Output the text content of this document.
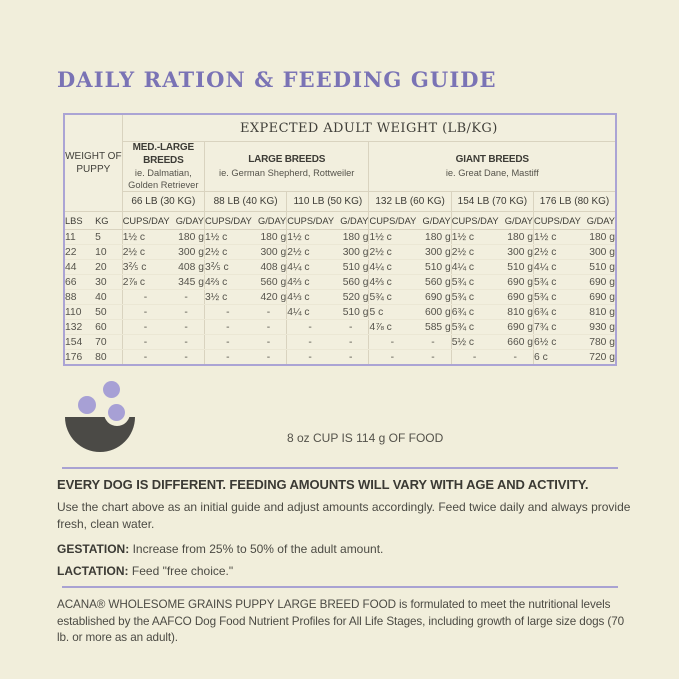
DAILY RATION & FEEDING GUIDE
WEIGHT OF PUPPY		EXPECTED ADULT WEIGHT (LB/KG)											

		MED.-LARGE BREEDS
ie. Dalmatian, Golden Retriever		LARGE BREEDS
ie. German Shepherd, Rottweiler				GIANT BREEDS
ie. Great Dane, Mastiff					

		66 LB (30 KG)		88 LB (40 KG)		110 LB (50 KG)		132 LB (60 KG)		154 LB (70 KG)		176 LB (80 KG)	
LBS	KG	CUPS/DAY	G/DAY	CUPS/DAY	G/DAY	CUPS/DAY	G/DAY	CUPS/DAY	G/DAY	CUPS/DAY	G/DAY	CUPS/DAY	G/DAY
11	5	1½ c	180 g	1½ c	180 g	1½ c	180 g	1½ c	180 g	1½ c	180 g	1½ c	180 g
22	10	2½ c	300 g	2½ c	300 g	2½ c	300 g	2½ c	300 g	2½ c	300 g	2½ c	300 g
44	20	3⅖ c	408 g	3⅖ c	408 g	4¼ c	510 g	4¼ c	510 g	4¼ c	510 g	4¼ c	510 g
66	30	2⅞ c	345 g	4⅔ c	560 g	4⅔ c	560 g	4⅔ c	560 g	5¾ c	690 g	5¾ c	690 g
88	40	-	-	3½ c	420 g	4⅓ c	520 g	5¾ c	690 g	5¾ c	690 g	5¾ c	690 g
110	50	-	-	-	-	4¼ c	510 g	5 c	600 g	6¾ c	810 g	6¾ c	810 g
132	60	-	-	-	-	-	-	4⅞ c	585 g	5¾ c	690 g	7¾ c	930 g
154	70	-	-	-	-	-	-	-	-	5½ c	660 g	6½ c	780 g
176	80	-	-	-	-	-	-	-	-	-	-	6 c	720 g
8 oz CUP IS 114 g OF FOOD
EVERY DOG IS DIFFERENT. FEEDING AMOUNTS WILL VARY WITH AGE AND ACTIVITY.
Use the chart above as an initial guide and adjust amounts accordingly. Feed twice daily and always provide fresh, clean water.
GESTATION: Increase from 25% to 50% of the adult amount.
LACTATION: Feed "free choice."
ACANA® WHOLESOME GRAINS PUPPY LARGE BREED FOOD is formulated to meet the nutritional levels established by the AAFCO Dog Food Nutrient Profiles for All Life Stages, including growth of large size dogs (70 lb. or more as an adult).
